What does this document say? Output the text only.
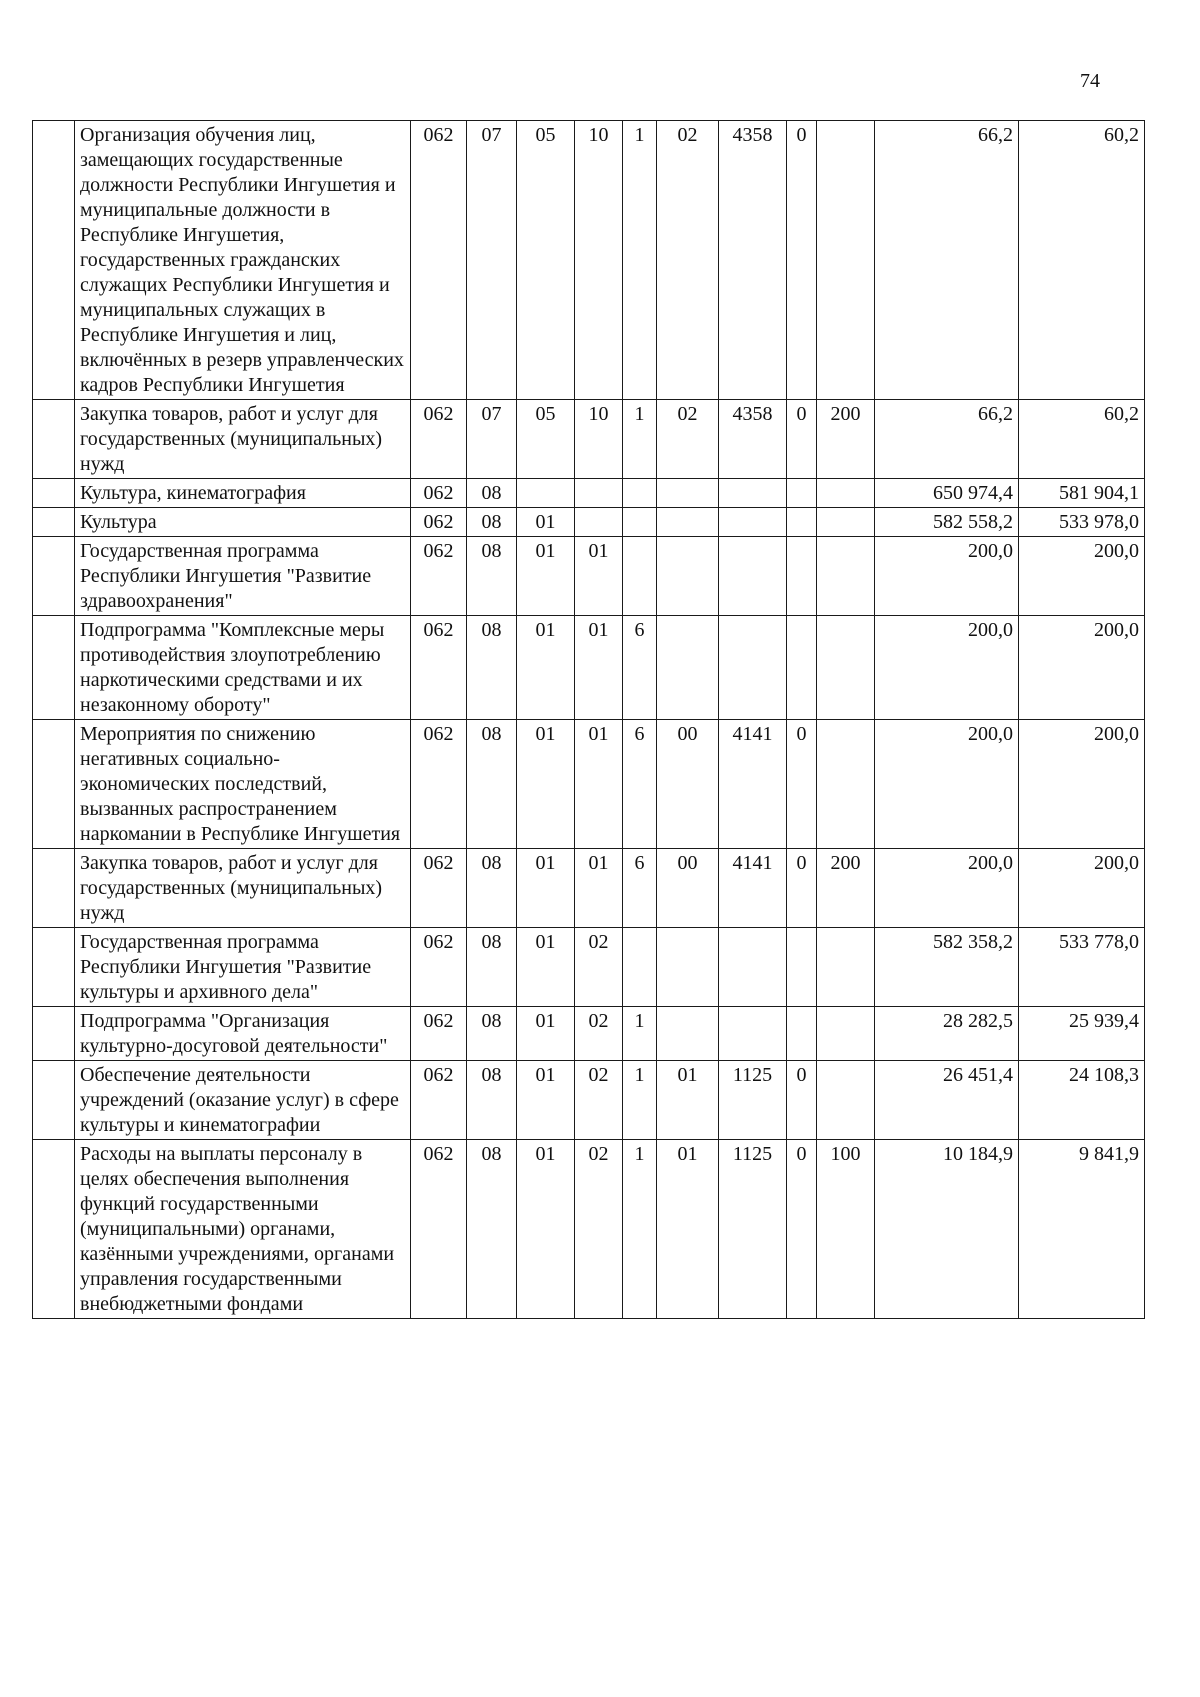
74
	Организация обучения лиц, замещающих государственные должности Республики Ингушетия и муниципальные должности в Республике Ингушетия, государственных гражданских служащих Республики Ингушетия и муниципальных служащих в Республике Ингушетия и лиц, включённых в резерв управленческих кадров Республики Ингушетия	062	07	05	10	1	02	4358	0		66,2	60,2
	Закупка товаров, работ и услуг для государственных (муниципальных) нужд	062	07	05	10	1	02	4358	0	200	66,2	60,2
	Культура, кинематография	062	08								650 974,4	581 904,1
	Культура	062	08	01							582 558,2	533 978,0
	Государственная программа Республики Ингушетия "Развитие здравоохранения"	062	08	01	01						200,0	200,0
	Подпрограмма "Комплексные меры противодействия злоупотреблению наркотическими средствами и их незаконному обороту"	062	08	01	01	6					200,0	200,0
	Мероприятия по снижению негативных социально-экономических последствий, вызванных распространением наркомании в Республике Ингушетия	062	08	01	01	6	00	4141	0		200,0	200,0
	Закупка товаров, работ и услуг для государственных (муниципальных) нужд	062	08	01	01	6	00	4141	0	200	200,0	200,0
	Государственная программа Республики Ингушетия "Развитие культуры и архивного дела"	062	08	01	02						582 358,2	533 778,0
	Подпрограмма "Организация культурно-досуговой деятельности"	062	08	01	02	1					28 282,5	25 939,4
	Обеспечение деятельности учреждений (оказание услуг) в сфере культуры и кинематографии	062	08	01	02	1	01	1125	0		26 451,4	24 108,3
	Расходы на выплаты персоналу в целях обеспечения выполнения функций государственными (муниципальными) органами, казёнными учреждениями, органами управления государственными внебюджетными фондами	062	08	01	02	1	01	1125	0	100	10 184,9	9 841,9
